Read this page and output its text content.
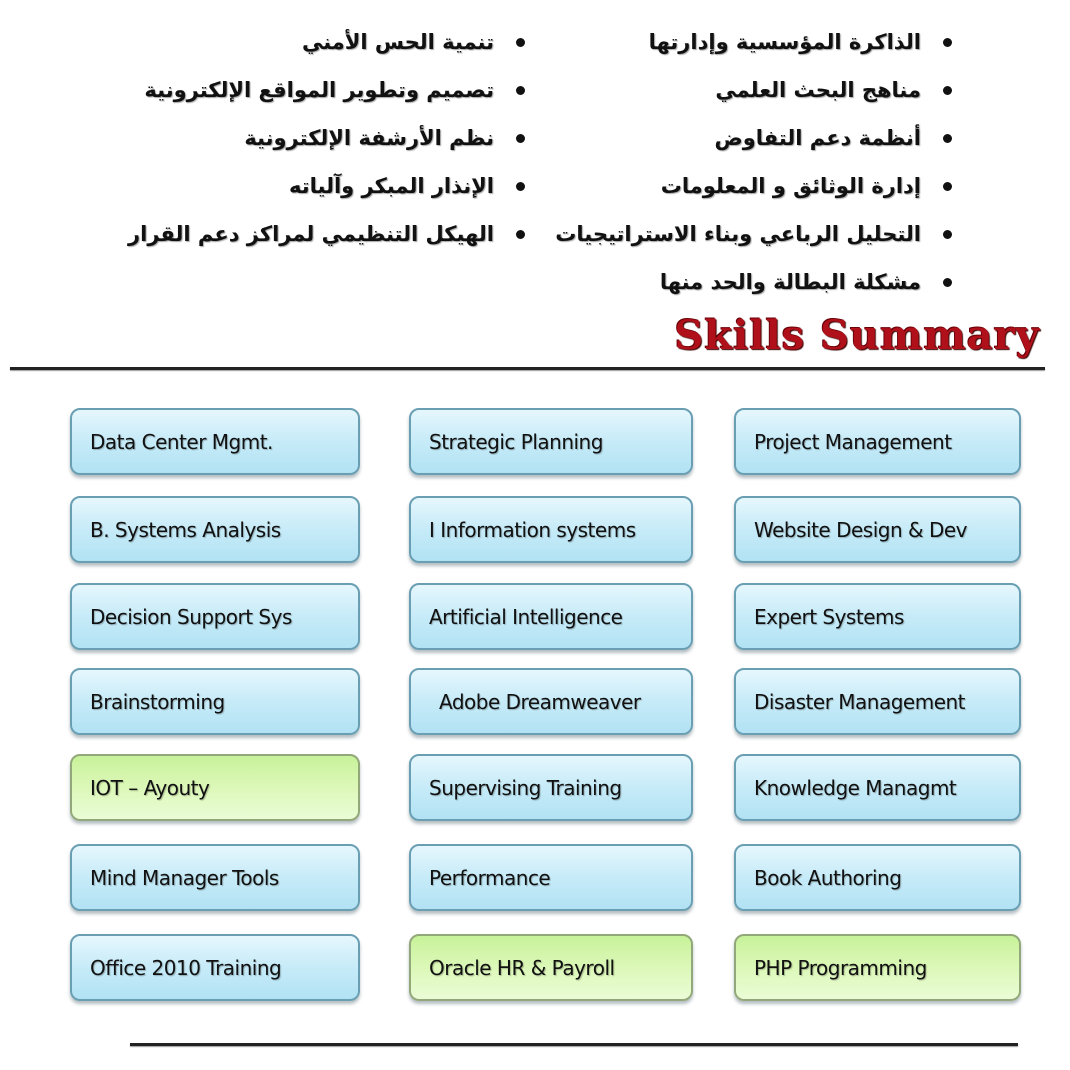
الذاكرة المؤسسية وإدارتها
مناهج البحث العلمي
أنظمة دعم التفاوض
إدارة الوثائق و المعلومات
التحليل الرباعي وبناء الاستراتيجيات
مشكلة البطالة والحد منها
تنمية الحس الأمني
تصميم وتطوير المواقع الإلكترونية
نظم الأرشفة الإلكترونية
الإنذار المبكر وآلياته
الهيكل التنظيمي لمراكز دعم القرار
Skills Summary
Data Center Mgmt.
B. Systems Analysis
Decision Support Sys
Brainstorming
IOT – Ayouty
Mind Manager Tools
Office 2010 Training
Strategic Planning
I Information systems
Artificial Intelligence
Adobe Dreamweaver
Supervising Training
Performance
Oracle HR & Payroll
Project Management
Website Design & Dev
Expert Systems
Disaster Management
Knowledge Managmt
Book Authoring
PHP Programming
